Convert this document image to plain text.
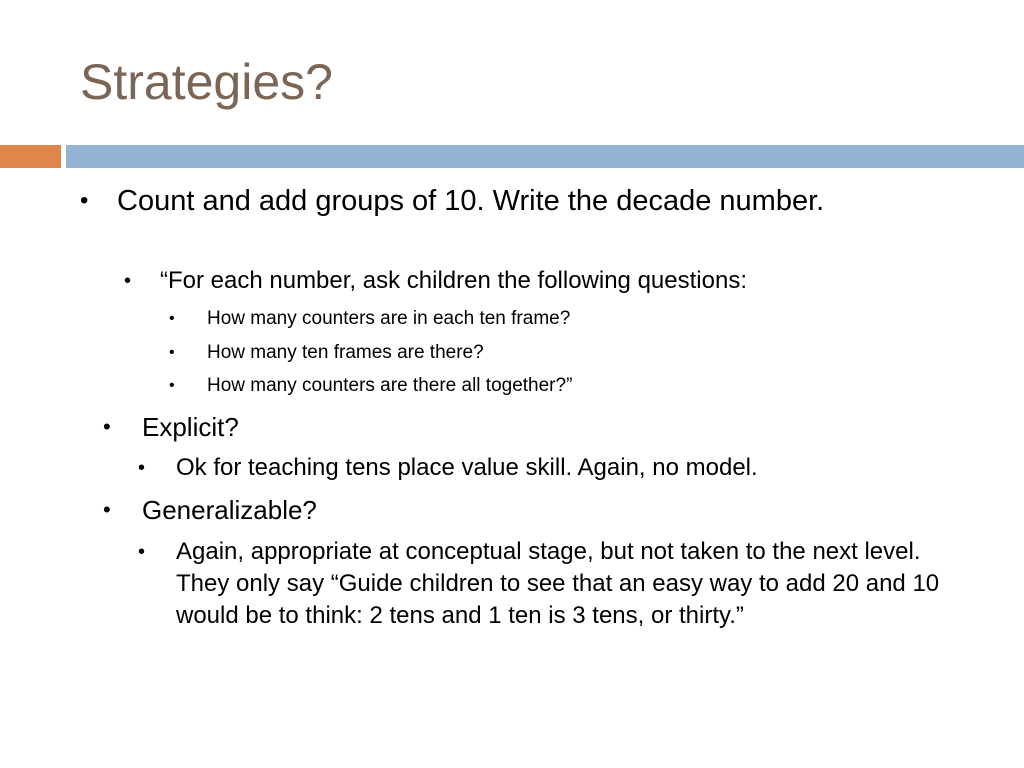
Strategies?
• Count and add groups of 10. Write the decade number.
•	“For each number, ask children the following questions:
•	How many counters are in each ten frame?
•	How many ten frames are there?
•	How many counters are there all together?”
•	Explicit?
•	Ok for teaching tens place value skill. Again, no model.
•	Generalizable?
•	Again, appropriate at conceptual stage, but not taken to the next level. They only say “Guide children to see that an easy way to add 20 and 10 would be to think: 2 tens and 1 ten is 3 tens, or thirty.”
